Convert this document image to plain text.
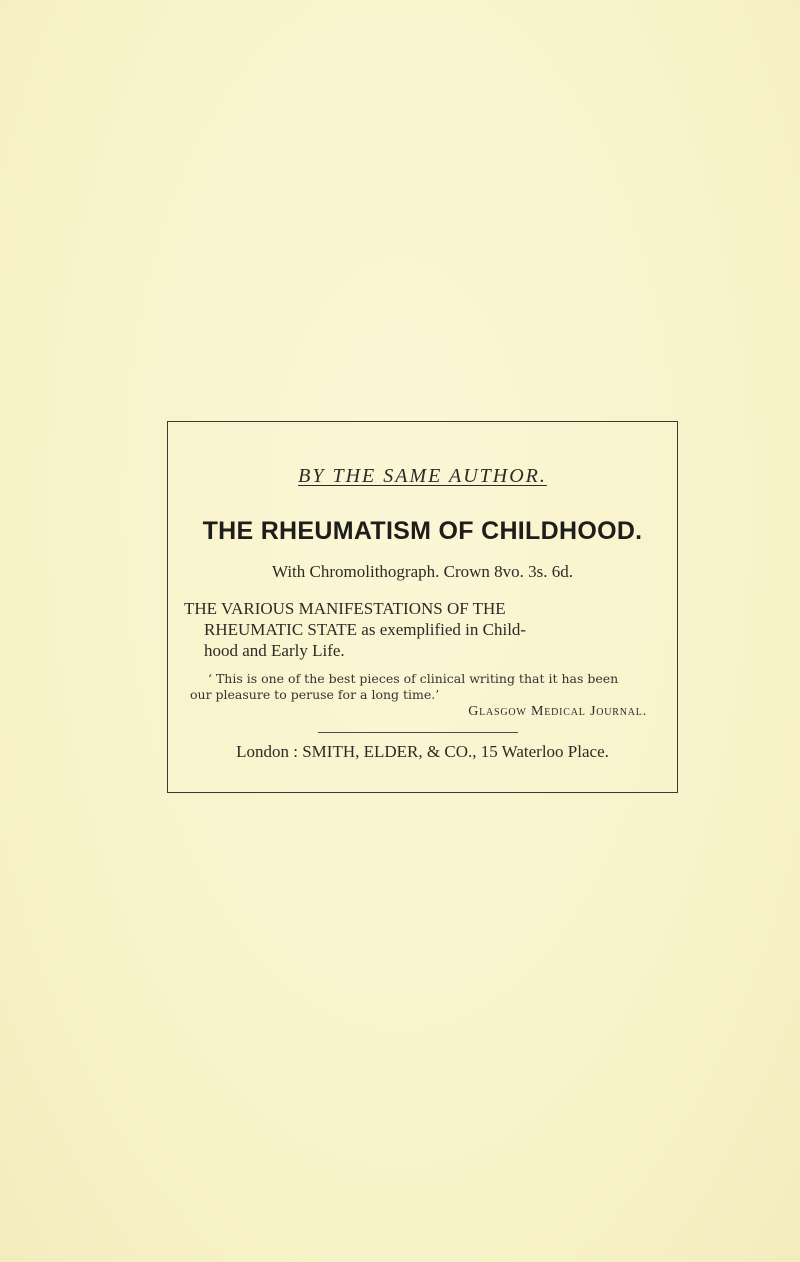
BY THE SAME AUTHOR.
THE RHEUMATISM OF CHILDHOOD.
With Chromolithograph. Crown 8vo. 3s. 6d.
THE VARIOUS MANIFESTATIONS OF THE
RHEUMATIC STATE as exemplified in Child-
hood and Early Life.
‘ This is one of the best pieces of clinical writing that it has been
our pleasure to peruse for a long time.’
Glasgow Medical Journal.
London : SMITH, ELDER, & CO., 15 Waterloo Place.
